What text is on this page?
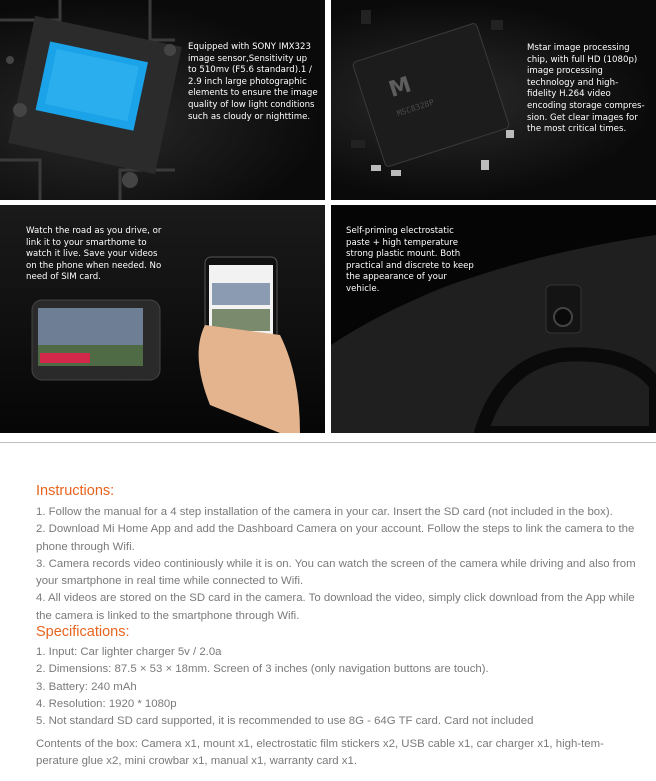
Equipped with SONY IMX323 image sensor,Sensitivity up to 510mv (F5.6 standard).1 / 2.9 inch large photographic elements to ensure the image quality of low light conditions such as cloudy or nighttime.
M
MSC8328P
Mstar image processing chip, with full HD (1080p) image processing technology and high-fidelity H.264 video encoding storage compres-sion. Get clear images for the most critical times.
Watch the road as you drive, or link it to your smarthome to watch it live. Save your videos on the phone when needed. No need of SIM card.
Self-priming electrostatic paste + high temperature strong plastic mount. Both practical and discrete to keep the appearance of your vehicle.
Instructions:

1. Follow the manual for a 4 step installation of the camera in your car. Insert the SD card (not included in the box).

2. Download Mi Home App and add the Dashboard Camera on your account. Follow the steps to link the camera to the phone through Wifi.

3. Camera records video continiously while it is on. You can watch the screen of the camera while driving and also from your smartphone in real time while connected to Wifi.

4. All videos are stored on the SD card in the camera. To download the video, simply click download from the App while the camera is linked to the smartphone through Wifi.

Specifications:

1. Input: Car lighter charger 5v / 2.0a

2. Dimensions: 87.5 × 53 × 18mm. Screen of 3 inches (only navigation buttons are touch).

3. Battery: 240 mAh

4. Resolution: 1920 * 1080p

5. Not standard SD card supported, it is recommended to use 8G - 64G TF card. Card not included

Contents of the box: Camera x1, mount x1, electrostatic film stickers x2, USB cable x1, car charger x1, high-tem-perature glue x2, mini crowbar x1, manual x1, warranty card x1.
